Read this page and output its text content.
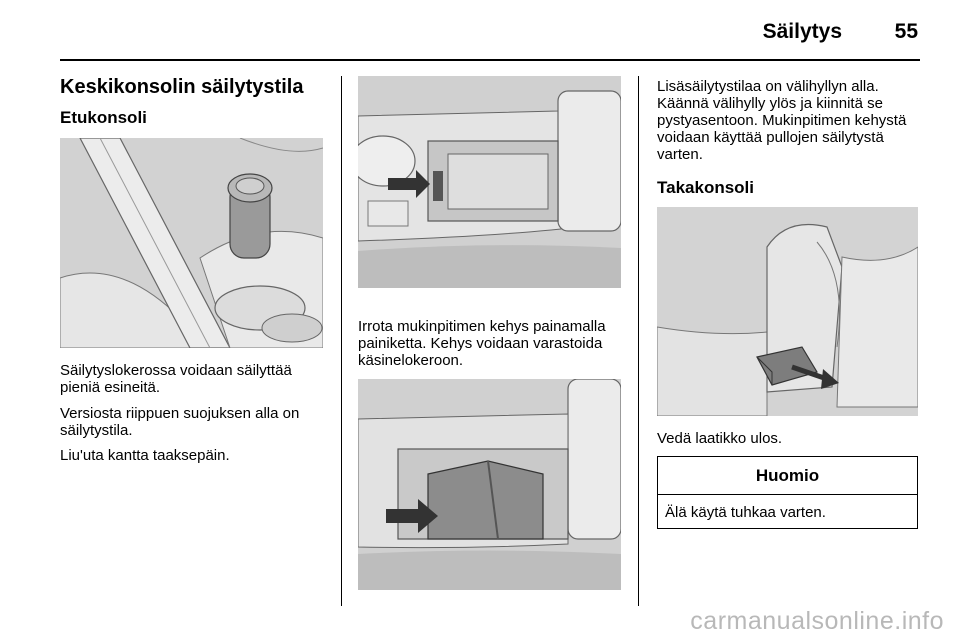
Säilytys	55
Keskikonsolin säilytystila
Etukonsoli
Säilytyslokerossa voidaan säilyttää pieniä esineitä.
Versiosta riippuen suojuksen alla on säilytystila.
Liu'uta kantta taaksepäin.
Irrota mukinpitimen kehys painamalla painiketta. Kehys voidaan varastoida käsinelokeroon.
Lisäsäilytystilaa on välihyllyn alla. Käännä välihylly ylös ja kiinnitä se pystyasentoon. Mukinpitimen kehystä voidaan käyttää pullojen säilytystä varten.
Takakonsoli
Vedä laatikko ulos.
Huomio
Älä käytä tuhkaa varten.
carmanualsonline.info
